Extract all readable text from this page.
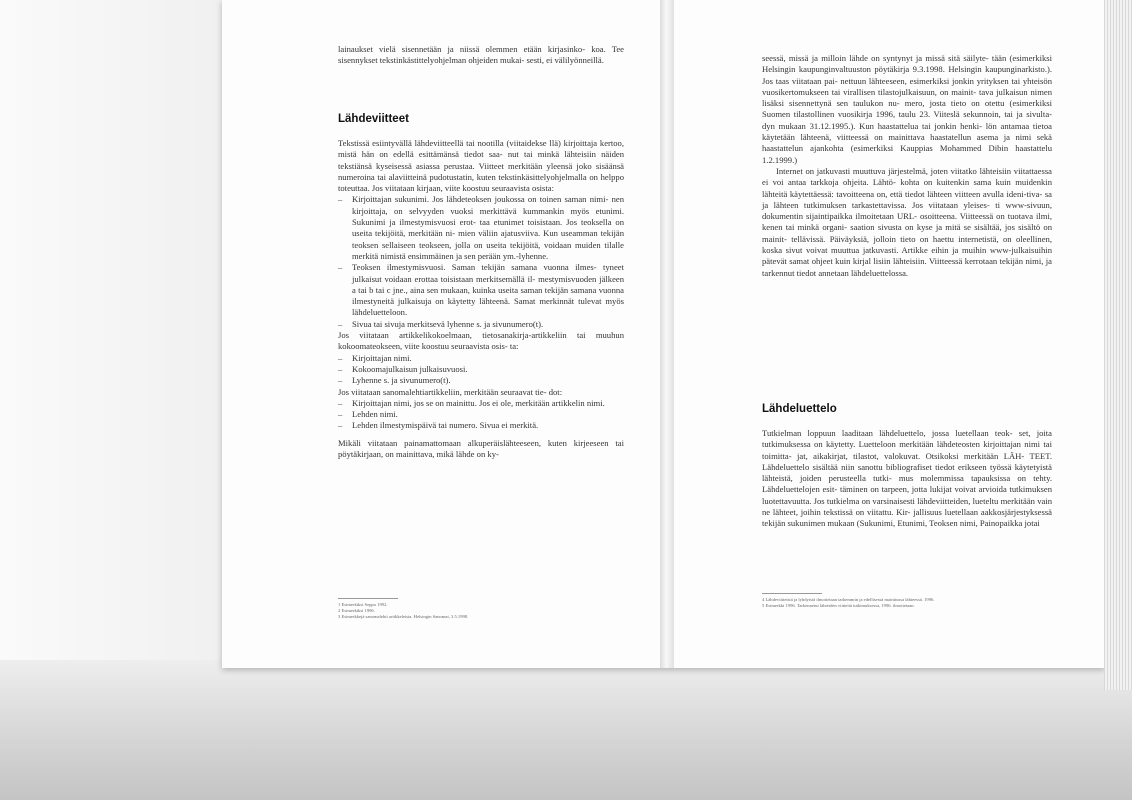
lainaukset vielä sisennetään ja niissä olemmen etään kirjasinko- koa. Tee sisennykset tekstinkästittelyohjelman ohjeiden mukai- sesti, ei välilyönneillä.

Lähdeviitteet

Tekstissä esiintyvällä lähdeviitteellä tai nootilla (viitaidekse llä) kirjoittaja kertoo, mistä hän on edellä esittämänsä tiedot saa- nut tai minkä lähteisiin näiden tekstiänsä kyseisessä asiassa perustaa. Viitteet merkitään yleensä joko sisäänsä numeroina tai alaviitteinä pudotustatin, kuten tekstinkäsittelyohjelmalla on helppo toteuttaa. Jos viitataan kirjaan, viite koostuu seuraavista osista:

– Kirjoittajan sukunimi. Jos lähdeteoksen joukossa on toinen saman nimi- nen kirjoittaja, on selvyyden vuoksi merkittävä kummankin myös etunimi. Sukunimi ja ilmestymisvuosi erot- taa etunimet toisistaan. Jos teoksella on useita tekijöitä, merkitään ni- mien väliin ajatusviiva. Kun useamman tekijän teoksen sellaiseen teokseen, jolla on useita tekijöitä, voidaan muiden tilalle merkitä nimistä ensimmäinen ja sen perään ym.-lyhenne.
– Teoksen ilmestymisvuosi. Saman tekijän samana vuonna ilmes- tyneet julkaisut voidaan erottaa toisistaan merkitsemällä il- mestymisvuoden jälkeen a tai b tai c jne., aina sen mukaan, kuinka useita saman tekijän samana vuonna ilmestyneitä julkaisuja on käytetty lähteenä. Samat merkinnät tulevat myös lähdeluetteloon.
– Sivua tai sivuja merkitsevä lyhenne s. ja sivunumero(t).

Jos viitataan artikkelikokoelmaan, tietosanakirja-artikkeliin tai muuhun kokoomateokseen, viite koostuu seuraavista osis- ta:

– Kirjoittajan nimi.
– Kokoomajulkaisun julkaisuvuosi.
– Lyhenne s. ja sivunumero(t).

Jos viitataan sanomalehtiartikkeliin, merkitään seuraavat tie- dot:

– Kirjoittajan nimi, jos se on mainittu. Jos ei ole, merkitään artikkelin nimi.
– Lehden nimi.
– Lehden ilmestymispäivä tai numero. Sivua ei merkitä.

Mikäli viitataan painamattomaan alkuperäislähteeseen, kuten kirjeeseen tai pöytäkirjaan, on mainittava, mikä lähde on ky-

1 Esimerkiksi Seppo 1992.
2 Esimerkiksi 1996.
3 Esimerkkejä sanomalehti artikkeleista. Helsingin Sanomat, 3.5.1998.

seessä, missä ja milloin lähde on syntynyt ja missä sitä säilyte- tään (esimerkiksi Helsingin kaupunginvaltuuston pöytäkirja 9.3.1998. Helsingin kaupunginarkisto.). Jos taas viitataan pai- nettuun lähteeseen, esimerkiksi jonkin yrityksen tai yhteisön vuosikertomukseen tai virallisen tilastojulkaisuun, on mainit- tava julkaisun nimen lisäksi sisennettynä sen taulukon nu- mero, josta tieto on otettu (esimerkiksi Suomen tilastollinen vuosikirja 1996, taulu 23. Viiteslä sekunnoin, tai ja sivulta- dyn mukaan 31.12.1995.). Kun haastattelua tai jonkin henki- lön antamaa tietoa käytetään lähteenä, viitteessä on mainittava haastatellun asema ja nimi sekä haastattelun ajankohta (esimerkiksi Kauppias Mohammed Dibin haastattelu 1.2.1999.)

Internet on jatkuvasti muuttuva järjestelmä, joten viitatko lähteisiin viitattaessa ei voi antaa tarkkoja ohjeita. Lähtö- kohta on kuitenkin sama kuin muidenkin lähteitä käytettäessä: tavoitteena on, että tiedot lähteen viitteen avulla ideni-tiva- sa ja lähteen tutkimuksen tarkastettavissa. Jos viitataan yleises- ti www-sivuun, dokumentin sijaintipaikka ilmoitetaan URL- osoitteena. Viitteessä on tuotava ilmi, kenen tai minkä organi- saation sivusta on kyse ja mitä se sisältää, jos sisältö on mainit- tellävissä. Päiväyksiä, jolloin tieto on haettu internetistä, on oleellinen, koska sivut voivat muuttua jatkuvasti. Artikke eihin ja muihin www-julkaisuihin pätevät samat ohjeet kuin kirjal lisiin lähteisiin. Viitteessä kerrotaan tekijän nimi, ja tarkennut tiedot annetaan lähdeluettelossa.

Lähdeluettelo

Tutkielman loppuun laaditaan lähdeluettelo, jossa luetellaan teok- set, joita tutkimuksessa on käytetty. Luetteloon merkitään lähdeteosten kirjoittajan nimi tai toimitta- jat, aikakirjat, tilastot, valokuvat. Otsikoksi merkitään LÄH- TEET. Lähdeluettelo sisältää niin sanottu bibliografiset tiedot erikseen työssä käytetyistä lähteistä, joiden perusteella tutki- mus molemmissa tapauksissa on tehty. Lähdeluettelojen esit- täminen on tarpeen, jotta lukijat voivat arvioida tutkimuksen luotettavuutta. Jos tutkielma on varsinaisesti lähdeviitteiden, lueteltu merkitään vain ne lähteet, joihin tekstissä on viitattu. Kir- jallisuus luetellaan aakkosjärjestyksessä tekijän sukunimen mukaan (Sukunimi, Etunimi, Teoksen nimi, Painopaikka jotai

4 Lähdeviitteistä ja lyhdyistä ilmoitetaan tarkemmin ja edellisessä mainitussa lähteessä. 1996.
5 Esimerkki 1996. Tarkennetut lähteiden viitteitä tutkimuksessa, 1996. ilmoitetaan.
